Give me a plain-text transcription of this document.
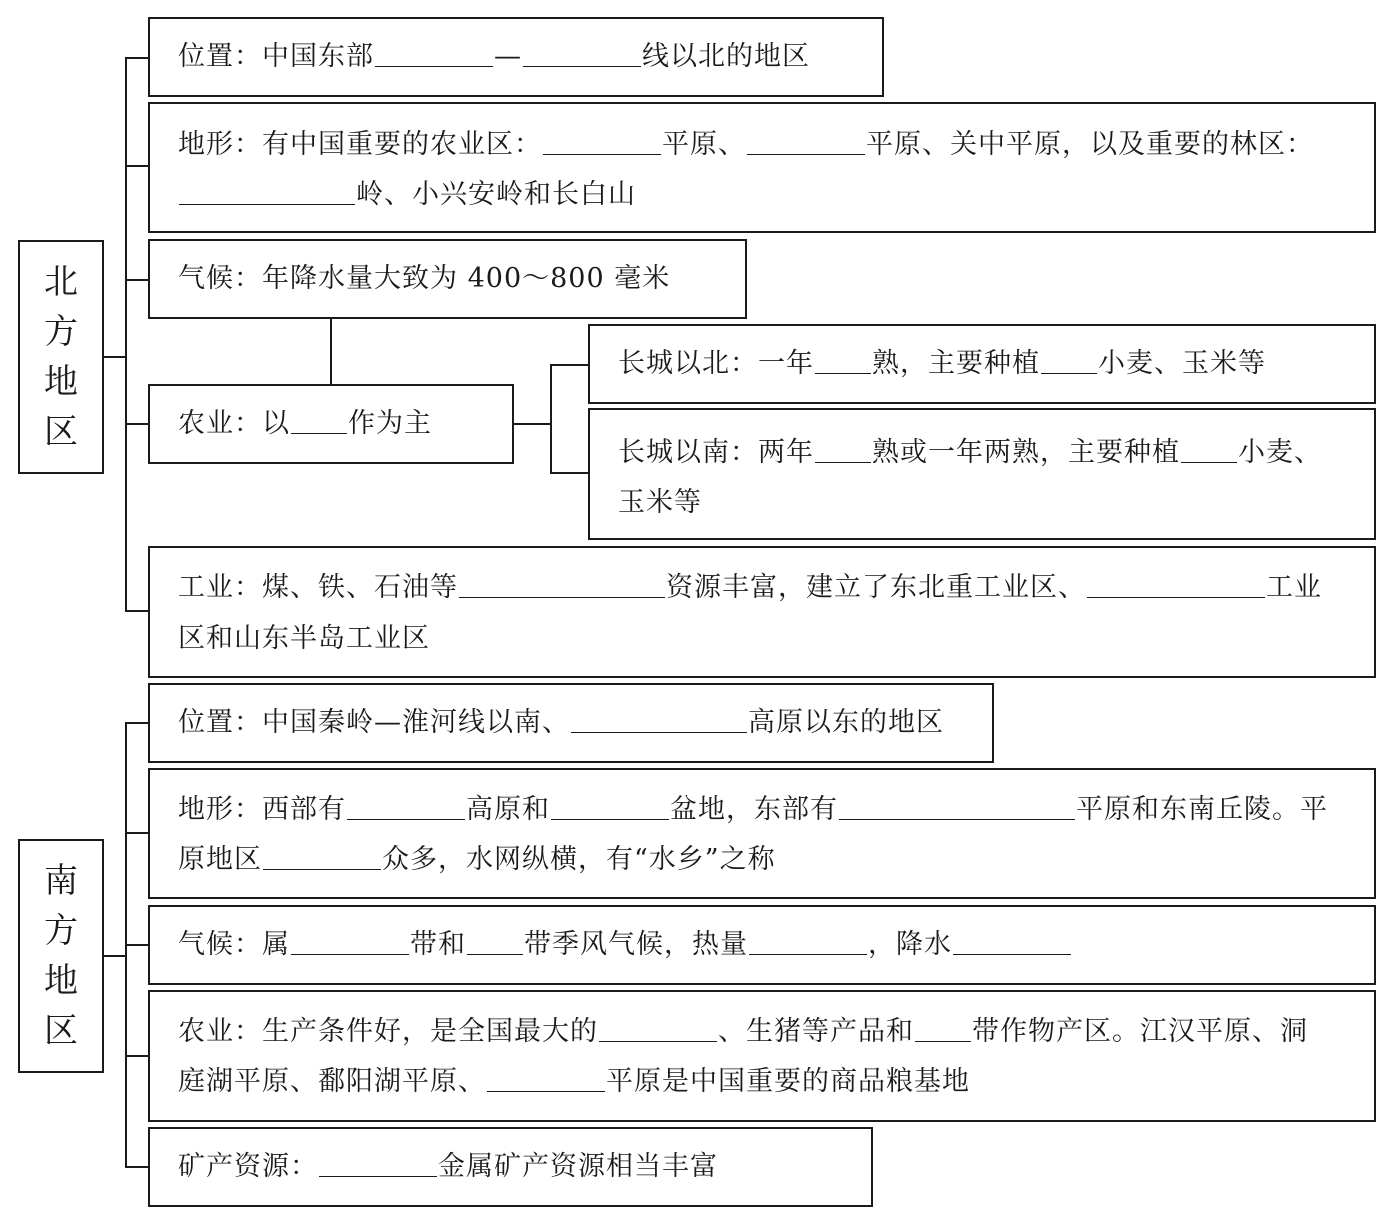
北
方
地
区
位置：中国东部	—	线以北的地区
地形：有中国重要的农业区：	平原、	平原、关中平原，以及重要的林区：
岭、小兴安岭和长白山
气候：年降水量大致为 400～800 毫米
农业：以 作为主
长城以北：一年 熟，主要种植 小麦、玉米等
长城以南：两年 熟或一年两熟，主要种植 小麦、
玉米等
工业：煤、铁、石油等	资源丰富，建立了东北重工业区、	工业
区和山东半岛工业区
南
方
地
区
位置：中国秦岭—淮河线以南、	高原以东的地区
地形：西部有	高原和	盆地，东部有	平原和东南丘陵。平
原地区	众多，水网纵横，有“水乡”之称
气候：属	带和 带季风气候，热量	，降水
农业：生产条件好，是全国最大的	、生猪等产品和 带作物产区。江汉平原、洞
庭湖平原、鄱阳湖平原、	平原是中国重要的商品粮基地
矿产资源：	金属矿产资源相当丰富
